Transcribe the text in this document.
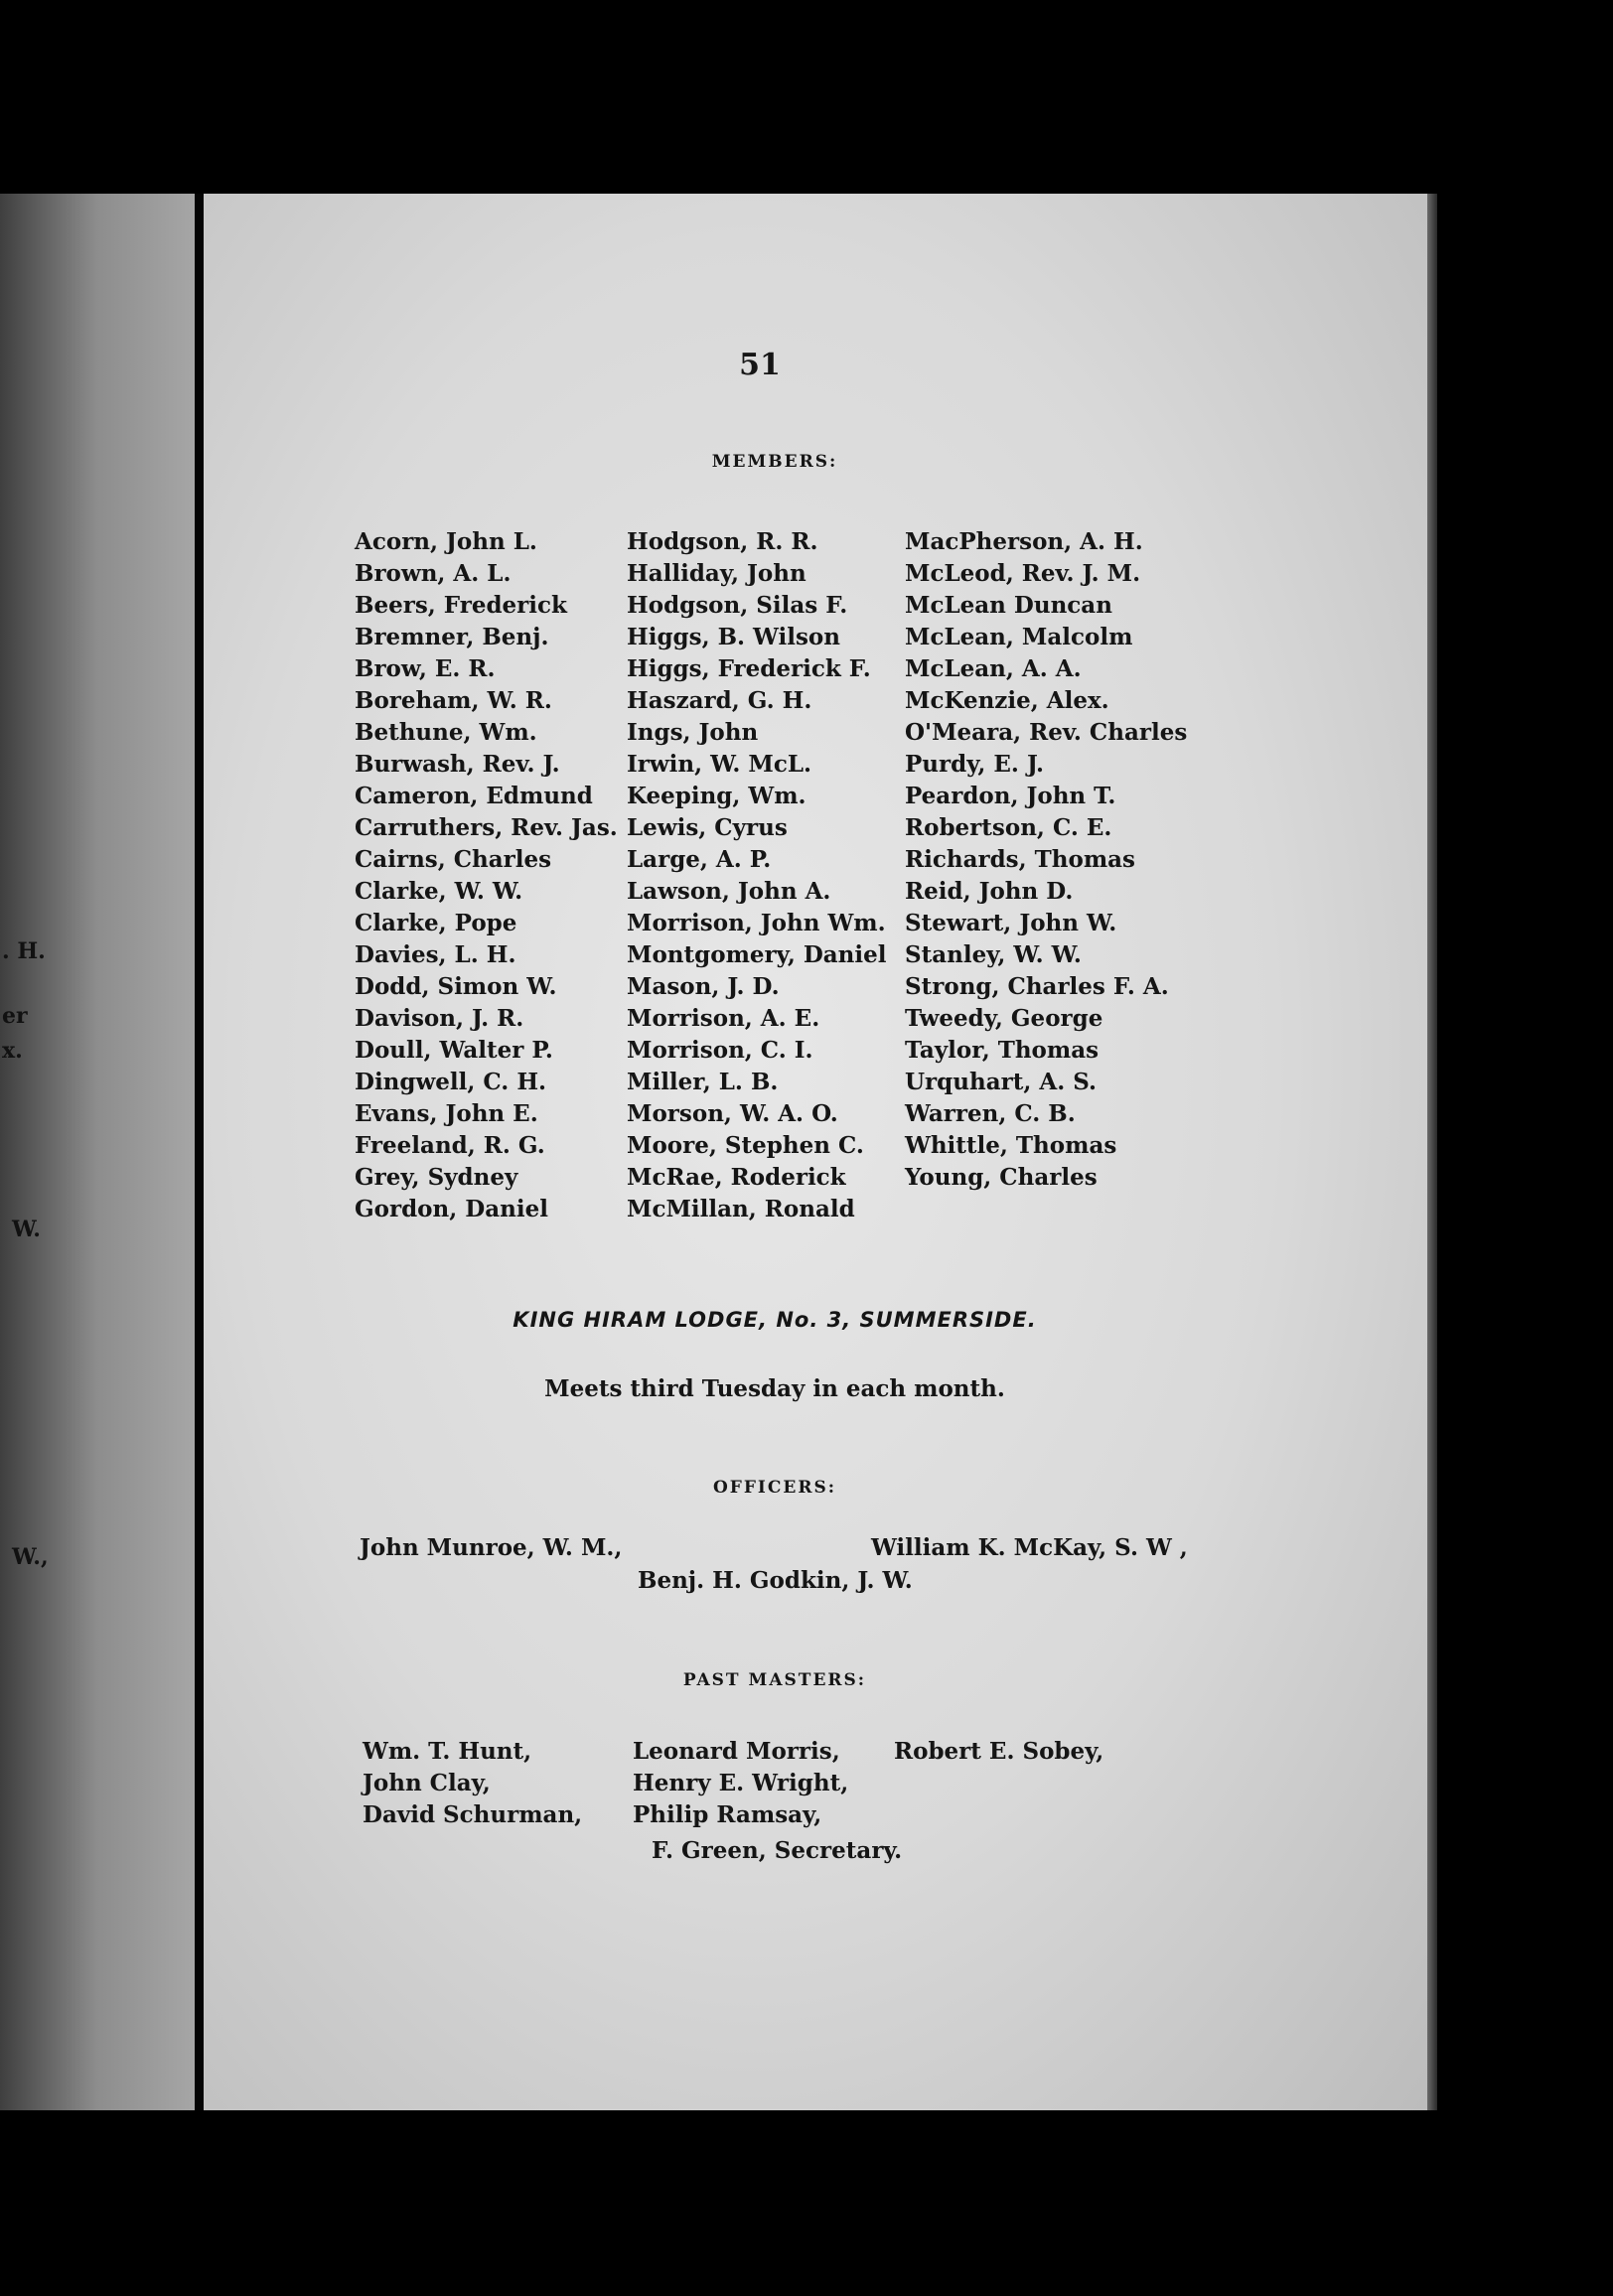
. H.
er
x.
W.
W.,
51
MEMBERS:
Acorn, John L.
Brown, A. L.
Beers, Frederick
Bremner, Benj.
Brow, E. R.
Boreham, W. R.
Bethune, Wm.
Burwash, Rev. J.
Cameron, Edmund
Carruthers, Rev. Jas.
Cairns, Charles
Clarke, W. W.
Clarke, Pope
Davies, L. H.
Dodd, Simon W.
Davison, J. R.
Doull, Walter P.
Dingwell, C. H.
Evans, John E.
Freeland, R. G.
Grey, Sydney
Gordon, Daniel
Hodgson, R. R.
Halliday, John
Hodgson, Silas F.
Higgs, B. Wilson
Higgs, Frederick F.
Haszard, G. H.
Ings, John
Irwin, W. McL.
Keeping, Wm.
Lewis, Cyrus
Large, A. P.
Lawson, John A.
Morrison, John Wm.
Montgomery, Daniel
Mason, J. D.
Morrison, A. E.
Morrison, C. I.
Miller, L. B.
Morson, W. A. O.
Moore, Stephen C.
McRae, Roderick
McMillan, Ronald
MacPherson, A. H.
McLeod, Rev. J. M.
McLean Duncan
McLean, Malcolm
McLean, A. A.
McKenzie, Alex.
O'Meara, Rev. Charles
Purdy, E. J.
Peardon, John T.
Robertson, C. E.
Richards, Thomas
Reid, John D.
Stewart, John W.
Stanley, W. W.
Strong, Charles F. A.
Tweedy, George
Taylor, Thomas
Urquhart, A. S.
Warren, C. B.
Whittle, Thomas
Young, Charles
KING HIRAM LODGE, No. 3, SUMMERSIDE.
Meets third Tuesday in each month.
OFFICERS:
John Munroe, W. M.,	William K. McKay, S. W ,
Benj. H. Godkin, J. W.
PAST MASTERS:
Wm. T. Hunt,
John Clay,
David Schurman,
Leonard Morris,
Henry E. Wright,
Philip Ramsay,
Robert E. Sobey,
F. Green, Secretary.
